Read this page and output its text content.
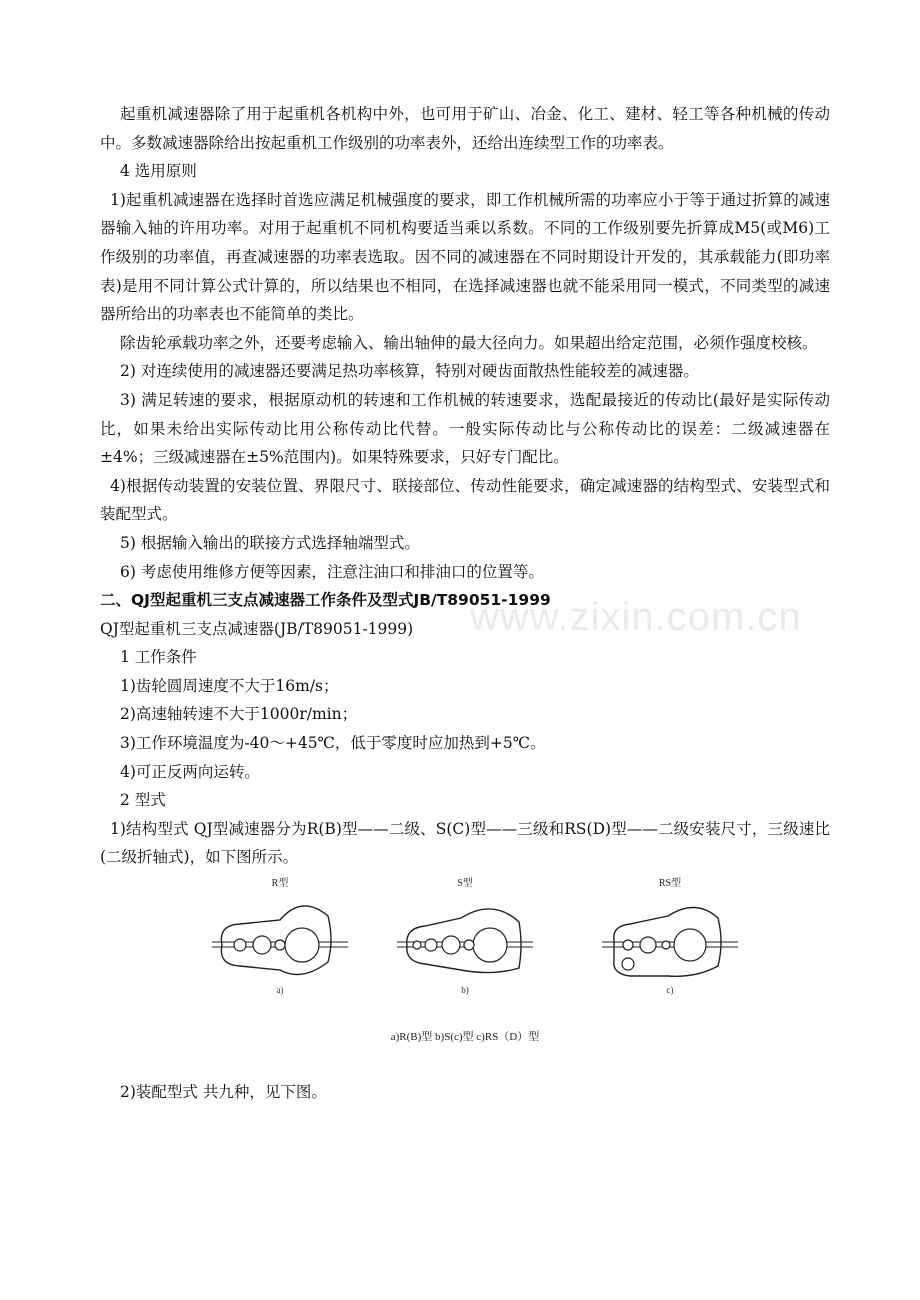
起重机减速器除了用于起重机各机构中外，也可用于矿山、冶金、化工、建材、轻工等各种机械的传动中。多数减速器除给出按起重机工作级别的功率表外，还给出连续型工作的功率表。

4 选用原则

1)起重机减速器在选择时首选应满足机械强度的要求，即工作机械所需的功率应小于等于通过折算的减速器输入轴的许用功率。对用于起重机不同机构要适当乘以系数。不同的工作级别要先折算成M5(或M6)工作级别的功率值，再查减速器的功率表选取。因不同的减速器在不同时期设计开发的，其承载能力(即功率表)是用不同计算公式计算的，所以结果也不相同，在选择减速器也就不能采用同一模式，不同类型的减速器所给出的功率表也不能简单的类比。

除齿轮承载功率之外，还要考虑输入、输出轴伸的最大径向力。如果超出给定范围，必须作强度校核。

2) 对连续使用的减速器还要满足热功率核算，特别对硬齿面散热性能较差的减速器。

3) 满足转速的要求，根据原动机的转速和工作机械的转速要求，选配最接近的传动比(最好是实际传动比，如果未给出实际传动比用公称传动比代替。一般实际传动比与公称传动比的误差：二级减速器在±4%；三级减速器在±5%范围内)。如果特殊要求，只好专门配比。

4)根据传动装置的安装位置、界限尺寸、联接部位、传动性能要求，确定减速器的结构型式、安装型式和装配型式。

5) 根据输入输出的联接方式选择轴端型式。

6) 考虑使用维修方便等因素，注意注油口和排油口的位置等。

二、QJ型起重机三支点减速器工作条件及型式JB/T89051-1999

QJ型起重机三支点减速器(JB/T89051-1999)

1 工作条件

1)齿轮圆周速度不大于16m/s；

2)高速轴转速不大于1000r/min；

3)工作环境温度为-40～+45℃，低于零度时应加热到+5℃。

4)可正反两向运转。

2 型式

1)结构型式 QJ型减速器分为R(B)型——二级、S(C)型——三级和RS(D)型——二级安装尺寸，三级速比(二级折轴式)，如下图所示。

R型
a)
S型
b)
RS型
c)
a)R(B)型 b)S(c)型 c)RS（D）型

2)装配型式 共九种，见下图。

www.zixin.com.cn
